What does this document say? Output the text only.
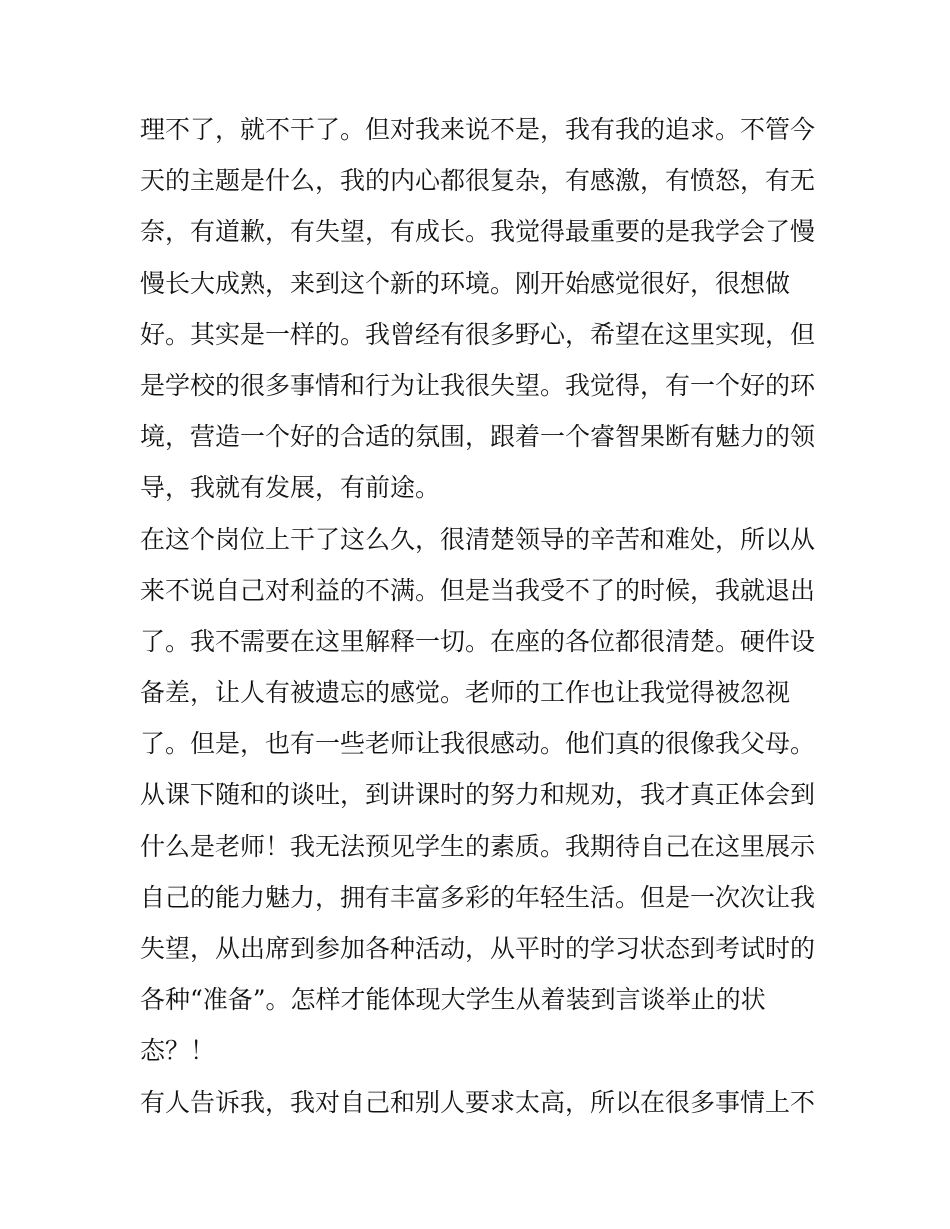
理不了，就不干了。但对我来说不是，我有我的追求。不管今
天的主题是什么，我的内心都很复杂，有感激，有愤怒，有无
奈，有道歉，有失望，有成长。我觉得最重要的是我学会了慢
慢长大成熟，来到这个新的环境。刚开始感觉很好，很想做
好。其实是一样的。我曾经有很多野心，希望在这里实现，但
是学校的很多事情和行为让我很失望。我觉得，有一个好的环
境，营造一个好的合适的氛围，跟着一个睿智果断有魅力的领
导，我就有发展，有前途。
在这个岗位上干了这么久，很清楚领导的辛苦和难处，所以从
来不说自己对利益的不满。但是当我受不了的时候，我就退出
了。我不需要在这里解释一切。在座的各位都很清楚。硬件设
备差，让人有被遗忘的感觉。老师的工作也让我觉得被忽视
了。但是，也有一些老师让我很感动。他们真的很像我父母。
从课下随和的谈吐，到讲课时的努力和规劝，我才真正体会到
什么是老师！我无法预见学生的素质。我期待自己在这里展示
自己的能力魅力，拥有丰富多彩的年轻生活。但是一次次让我
失望，从出席到参加各种活动，从平时的学习状态到考试时的
各种“准备”。怎样才能体现大学生从着装到言谈举止的状
态？！
有人告诉我，我对自己和别人要求太高，所以在很多事情上不
